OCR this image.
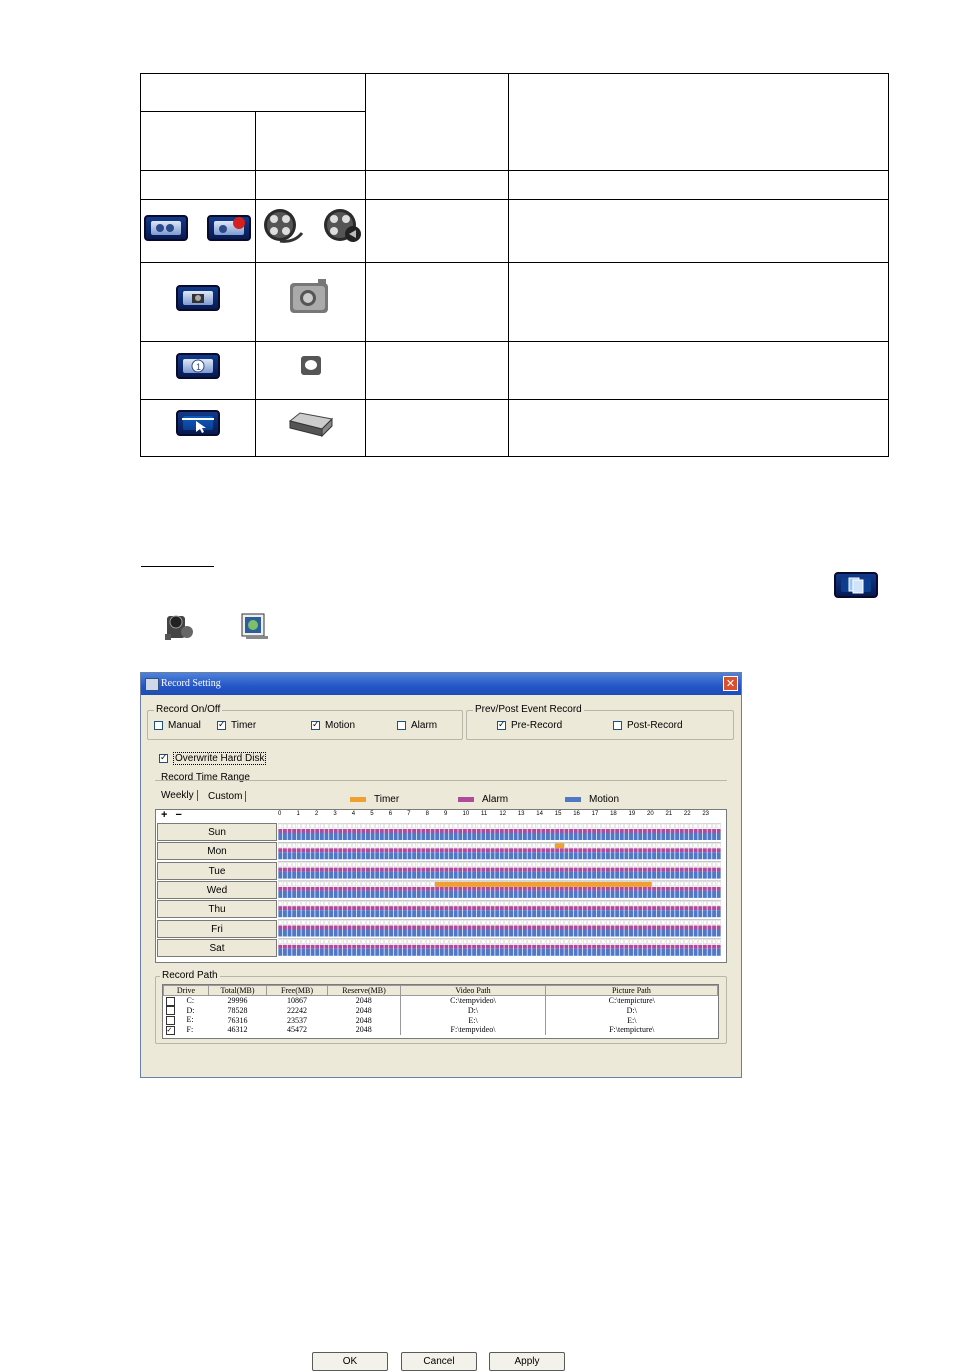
1
Record Setting	✕
Record On/Off
Manual ✓	Timer ✓	Motion	Alarm
Prev/Post Event Record
✓
Pre-Record	Post-Record
✓
Overwrite Hard Disk
Record Time Range
Weekly	Custom	Timer	Alarm	Motion
+ −	0	1	2	3	4	5	6	7	8	9	10 11 12 13 14 15 16 17 18 19 20 21 22 23
Sun
Mon
Tue
Wed
Thu
Fri
Sat
Record Path
Drive	Total(MB)	Free(MB)	Reserve(MB)	Video Path	Picture Path
C:	29996	10867	2048	C:\tempvideo\	C:\tempicture\
D:	78528	22242	2048	D:\	D:\
E:	76316	23537	2048	E:\	E:\
✓ F:	46312	45472	2048	F:\tempvideo\	F:\tempicture\
OK	Cancel	Apply
